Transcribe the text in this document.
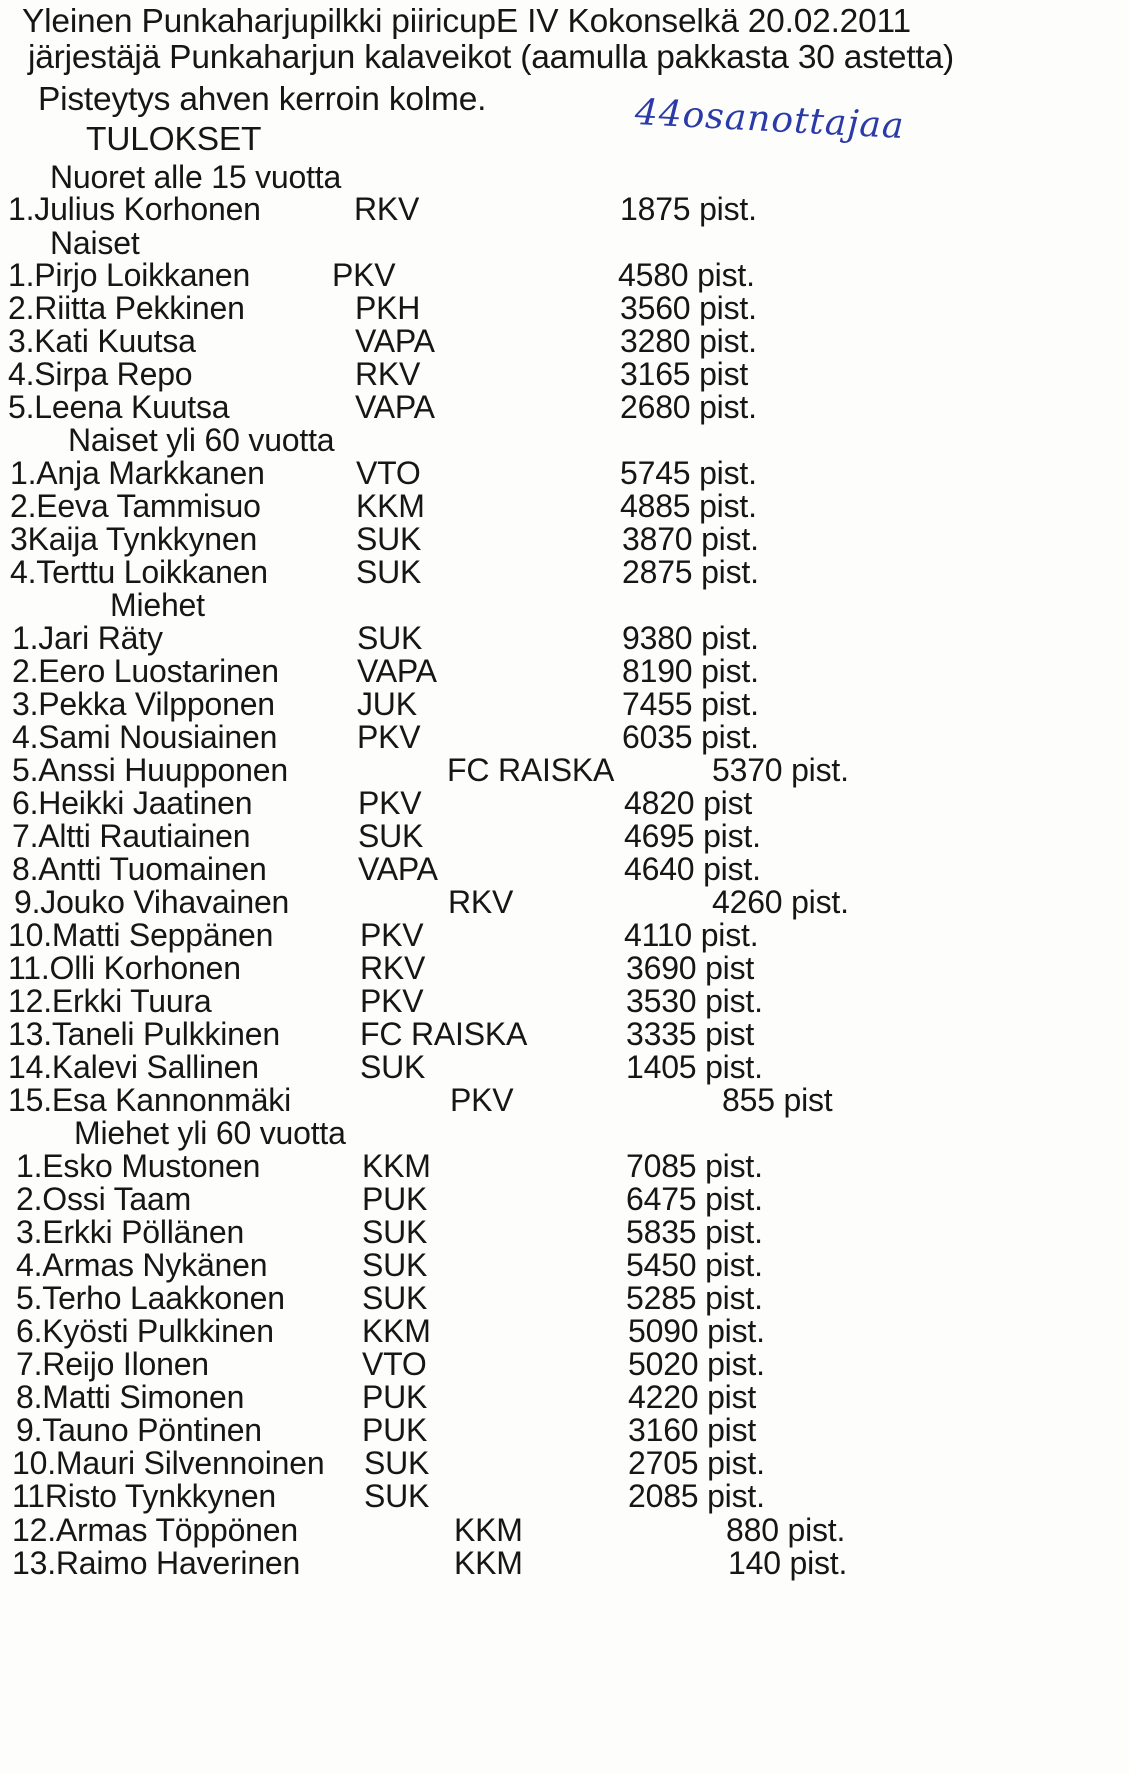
Yleinen Punkaharjupilkki piiricupE IV Kokonselkä 20.02.2011
järjestäjä Punkaharjun kalaveikot (aamulla pakkasta 30 astetta)
Pisteytys ahven kerroin kolme.	44osanottajaa
TULOKSET
Nuoret alle 15 vuotta
1.Julius Korhonen	RKV	1875 pist.
Naiset
1.Pirjo Loikkanen	PKV	4580 pist.
2.Riitta Pekkinen	PKH	3560 pist.
3.Kati Kuutsa	VAPA	3280 pist.
4.Sirpa Repo	RKV	3165 pist
5.Leena Kuutsa	VAPA	2680 pist.
Naiset yli 60 vuotta
1.Anja Markkanen	VTO	5745 pist.
2.Eeva Tammisuo	KKM	4885 pist.
3Kaija Tynkkynen	SUK	3870 pist.
4.Terttu Loikkanen	SUK	2875 pist.
Miehet
1.Jari Räty	SUK	9380 pist.
2.Eero Luostarinen VAPA	8190 pist.
3.Pekka Vilpponen	JUK	7455 pist.
4.Sami Nousiainen PKV	6035 pist.
5.Anssi Huupponen	FC RAISKA	5370 pist.
6.Heikki Jaatinen	PKV	4820 pist
7.Altti Rautiainen	SUK	4695 pist.
8.Antti Tuomainen	VAPA	4640 pist.
9.Jouko Vihavainen	RKV	4260 pist.
10.Matti Seppänen	PKV	4110 pist.
11.Olli Korhonen	RKV	3690 pist
12.Erkki Tuura	PKV	3530 pist.
13.Taneli Pulkkinen	FC RAISKA	3335 pist
14.Kalevi Sallinen	SUK	1405 pist.
15.Esa Kannonmäki	PKV	855 pist
Miehet yli 60 vuotta
1.Esko Mustonen	KKM	7085 pist.
2.Ossi Taam	PUK	6475 pist.
3.Erkki Pöllänen	SUK	5835 pist.
4.Armas Nykänen	SUK	5450 pist.
5.Terho Laakkonen SUK	5285 pist.
6.Kyösti Pulkkinen	KKM	5090 pist.
7.Reijo Ilonen	VTO	5020 pist.
8.Matti Simonen	PUK	4220 pist
9.Tauno Pöntinen	PUK	3160 pist
10.Mauri Silvennoinen SUK	2705 pist.
11Risto Tynkkynen	SUK	2085 pist.
12.Armas Töppönen	KKM	880 pist.
13.Raimo Haverinen	KKM	140 pist.
